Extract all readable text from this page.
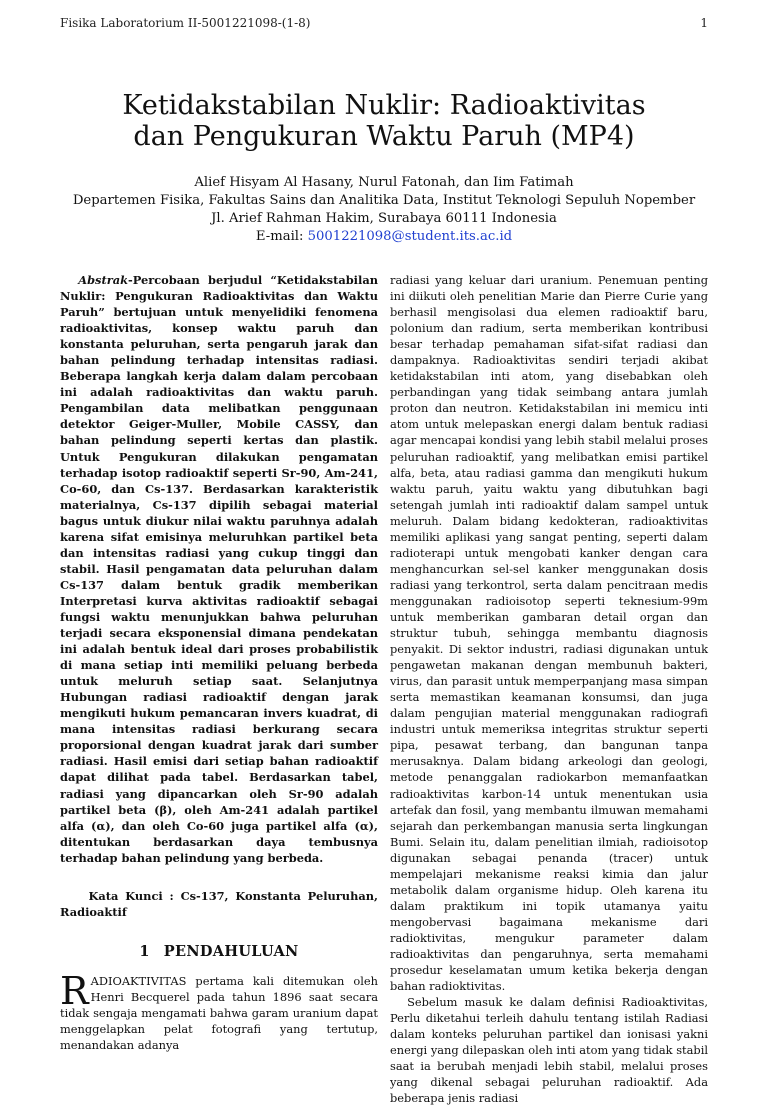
Fisika Laboratorium II-5001221098-(1-8)	1
Ketidakstabilan Nuklir: Radioaktivitas
dan Pengukuran Waktu Paruh (MP4)
Alief Hisyam Al Hasany, Nurul Fatonah, dan Iim Fatimah
Departemen Fisika, Fakultas Sains dan Analitika Data, Institut Teknologi Sepuluh Nopember
Jl. Arief Rahman Hakim, Surabaya 60111 Indonesia
E-mail: 5001221098@student.its.ac.id

Abstrak-Percobaan berjudul “Ketidakstabilan Nuklir: Pengukuran Radioaktivitas dan Waktu Paruh” bertujuan untuk menyelidiki fenomena radioaktivitas, konsep waktu paruh dan konstanta peluruhan, serta pengaruh jarak dan bahan pelindung terhadap intensitas radiasi. Beberapa langkah kerja dalam dalam percobaan ini adalah radioaktivitas dan waktu paruh. Pengambilan data melibatkan penggunaan detektor Geiger-Muller, Mobile CASSY, dan bahan pelindung seperti kertas dan plastik. Untuk Pengukuran dilakukan pengamatan terhadap isotop radioaktif seperti Sr-90, Am-241, Co-60, dan Cs-137. Berdasarkan karakteristik materialnya, Cs-137 dipilih sebagai material bagus untuk diukur nilai waktu paruhnya adalah karena sifat emisinya meluruhkan partikel beta dan intensitas radiasi yang cukup tinggi dan stabil. Hasil pengamatan data peluruhan dalam Cs-137 dalam bentuk gradik memberikan Interpretasi kurva aktivitas radioaktif sebagai fungsi waktu menunjukkan bahwa peluruhan terjadi secara eksponensial dimana pendekatan ini adalah bentuk ideal dari proses probabilistik di mana setiap inti memiliki peluang berbeda untuk meluruh setiap saat. Selanjutnya Hubungan radiasi radioaktif dengan jarak mengikuti hukum pemancaran invers kuadrat, di mana intensitas radiasi berkurang secara proporsional dengan kuadrat jarak dari sumber radiasi. Hasil emisi dari setiap bahan radioaktif dapat dilihat pada tabel. Berdasarkan tabel, radiasi yang dipancarkan oleh Sr-90 adalah partikel beta (β), oleh Am-241 adalah partikel alfa (α), dan oleh Co-60 juga partikel alfa (α), ditentukan berdasarkan daya tembusnya terhadap bahan pelindung yang berbeda.

Kata Kunci : Cs-137, Konstanta Peluruhan, Radioaktif

1 PENDAHULUAN

RADIOAKTIVITAS pertama kali ditemukan oleh Henri Becquerel pada tahun 1896 saat secara tidak sengaja mengamati bahwa garam uranium dapat menggelapkan pelat fotografi yang tertutup, menandakan adanya

radiasi yang keluar dari uranium. Penemuan penting ini diikuti oleh penelitian Marie dan Pierre Curie yang berhasil mengisolasi dua elemen radioaktif baru, polonium dan radium, serta memberikan kontribusi besar terhadap pemahaman sifat-sifat radiasi dan dampaknya. Radioaktivitas sendiri terjadi akibat ketidakstabilan inti atom, yang disebabkan oleh perbandingan yang tidak seimbang antara jumlah proton dan neutron. Ketidakstabilan ini memicu inti atom untuk melepaskan energi dalam bentuk radiasi agar mencapai kondisi yang lebih stabil melalui proses peluruhan radioaktif, yang melibatkan emisi partikel alfa, beta, atau radiasi gamma dan mengikuti hukum waktu paruh, yaitu waktu yang dibutuhkan bagi setengah jumlah inti radioaktif dalam sampel untuk meluruh. Dalam bidang kedokteran, radioaktivitas memiliki aplikasi yang sangat penting, seperti dalam radioterapi untuk mengobati kanker dengan cara menghancurkan sel-sel kanker menggunakan dosis radiasi yang terkontrol, serta dalam pencitraan medis menggunakan radioisotop seperti teknesium-99m untuk memberikan gambaran detail organ dan struktur tubuh, sehingga membantu diagnosis penyakit. Di sektor industri, radiasi digunakan untuk pengawetan makanan dengan membunuh bakteri, virus, dan parasit untuk memperpanjang masa simpan serta memastikan keamanan konsumsi, dan juga dalam pengujian material menggunakan radiografi industri untuk memeriksa integritas struktur seperti pipa, pesawat terbang, dan bangunan tanpa merusaknya. Dalam bidang arkeologi dan geologi, metode penanggalan radiokarbon memanfaatkan radioaktivitas karbon-14 untuk menentukan usia artefak dan fosil, yang membantu ilmuwan memahami sejarah dan perkembangan manusia serta lingkungan Bumi. Selain itu, dalam penelitian ilmiah, radioisotop digunakan sebagai penanda (tracer) untuk mempelajari mekanisme reaksi kimia dan jalur metabolik dalam organisme hidup. Oleh karena itu dalam praktikum ini topik utamanya yaitu mengobervasi bagaimana mekanisme dari radioktivitas, mengukur parameter dalam radioaktivitas dan pengaruhnya, serta memahami prosedur keselamatan umum ketika bekerja dengan bahan radioktivitas.

Sebelum masuk ke dalam definisi Radioaktivitas, Perlu diketahui terleih dahulu tentang istilah Radiasi dalam konteks peluruhan partikel dan ionisasi yakni energi yang dilepaskan oleh inti atom yang tidak stabil saat ia berubah menjadi lebih stabil, melalui proses yang dikenal sebagai peluruhan radioaktif. Ada beberapa jenis radiasi
